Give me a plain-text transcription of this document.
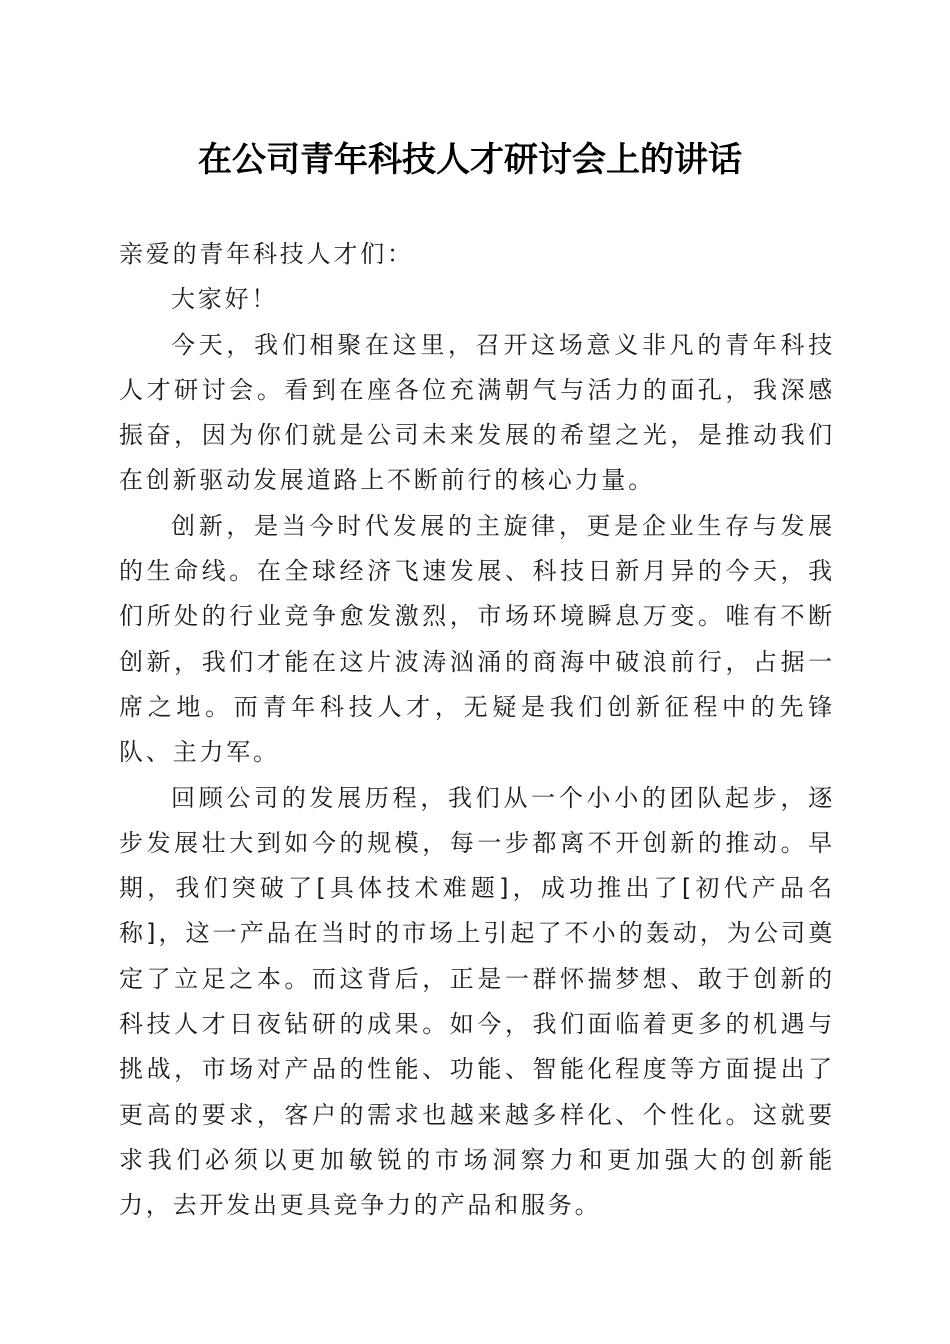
在公司青年科技人才研讨会上的讲话

亲爱的青年科技人才们：

大家好！

今天，我们相聚在这里，召开这场意义非凡的青年科技人才研讨会。看到在座各位充满朝气与活力的面孔，我深感振奋，因为你们就是公司未来发展的希望之光，是推动我们在创新驱动发展道路上不断前行的核心力量。

创新，是当今时代发展的主旋律，更是企业生存与发展的生命线。在全球经济飞速发展、科技日新月异的今天，我们所处的行业竞争愈发激烈，市场环境瞬息万变。唯有不断创新，我们才能在这片波涛汹涌的商海中破浪前行，占据一席之地。而青年科技人才，无疑是我们创新征程中的先锋队、主力军。

回顾公司的发展历程，我们从一个小小的团队起步，逐步发展壮大到如今的规模，每一步都离不开创新的推动。早期，我们突破了[具体技术难题]，成功推出了[初代产品名称]，这一产品在当时的市场上引起了不小的轰动，为公司奠定了立足之本。而这背后，正是一群怀揣梦想、敢于创新的科技人才日夜钻研的成果。如今，我们面临着更多的机遇与挑战，市场对产品的性能、功能、智能化程度等方面提出了更高的要求，客户的需求也越来越多样化、个性化。这就要求我们必须以更加敏锐的市场洞察力和更加强大的创新能力，去开发出更具竞争力的产品和服务。
